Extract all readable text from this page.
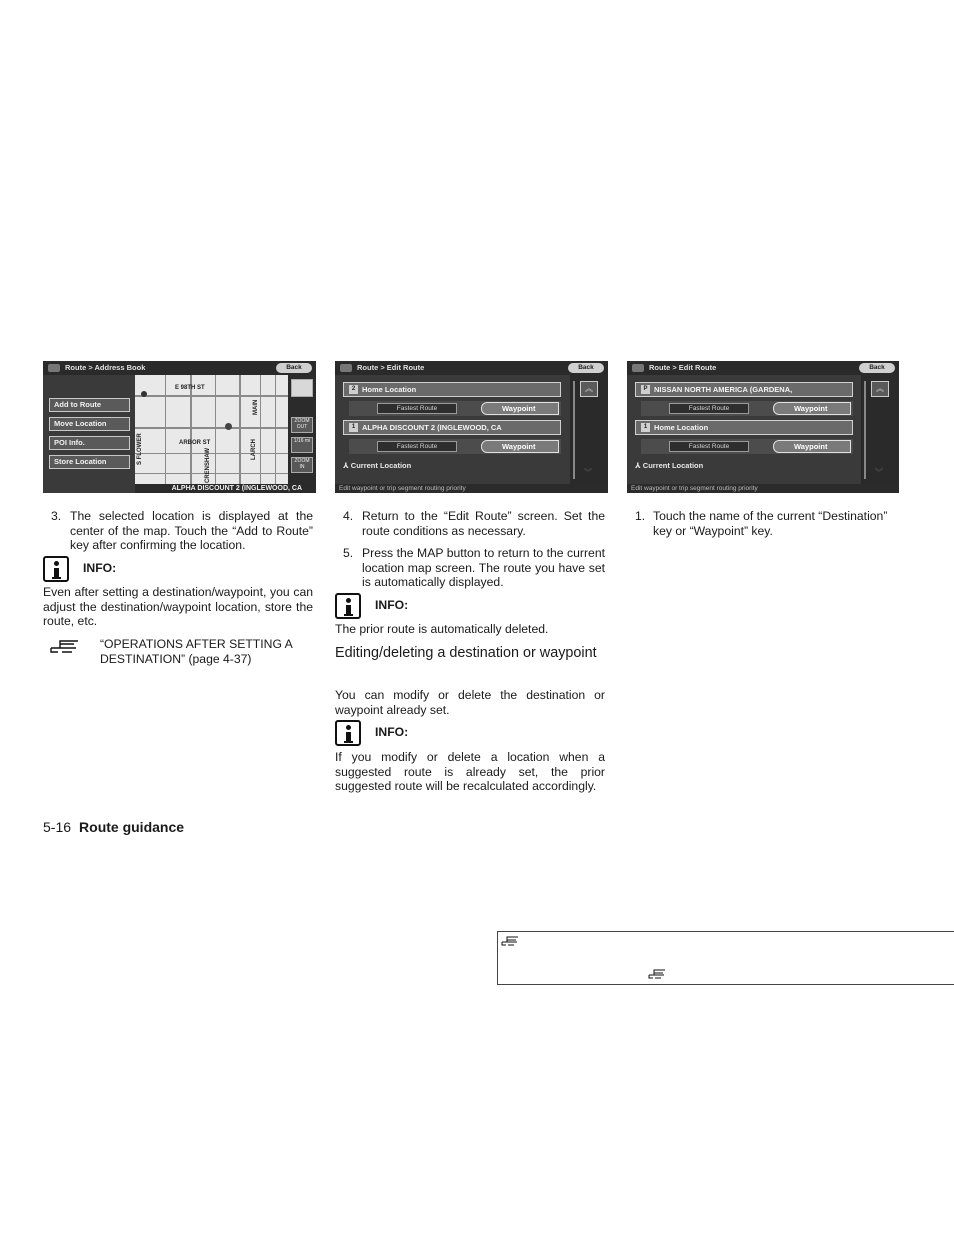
Route > Address Book	Back
Add to Route
Move Location
POI Info.
Store Location
E 98TH ST
S FLOWER	CRENSHAW	LARCH
MAIN
ARBOR ST
ZOOM OUT
1/16 mi
ZOOM IN
ALPHA DISCOUNT 2 (INGLEWOOD, CA
Route > Edit Route	Back
2 Home Location
Fastest Route	Waypoint
1 ALPHA DISCOUNT 2 (INGLEWOOD, CA
Fastest Route	Waypoint
⅄ Current Location
︽
︾
Edit waypoint or trip segment routing priority
Route > Edit Route	Back
P NISSAN NORTH AMERICA (GARDENA,
Fastest Route	Waypoint
1 Home Location
Fastest Route	Waypoint
⅄ Current Location
︽
︾
Edit waypoint or trip segment routing priority
3. The selected location is displayed at the center of the map. Touch the “Add to Route” key after confirming the location.

INFO:

Even after setting a destination/waypoint, you can adjust the destination/waypoint location, store the route, etc.

“OPERATIONS AFTER SETTING A DESTINATION” (page 4-37)

4. Return to the “Edit Route” screen. Set the route conditions as necessary.

5. Press the MAP button to return to the current location map screen. The route you have set is automatically displayed.

INFO:

The prior route is automatically deleted.

Editing/deleting a destination or waypoint

You can modify or delete the destination or waypoint already set.

INFO:

If you modify or delete a location when a suggested route is already set, the prior suggested route will be recalculated accordingly.

1. Touch the name of the current “Destination” key or “Waypoint” key.

5-16 Route guidance
